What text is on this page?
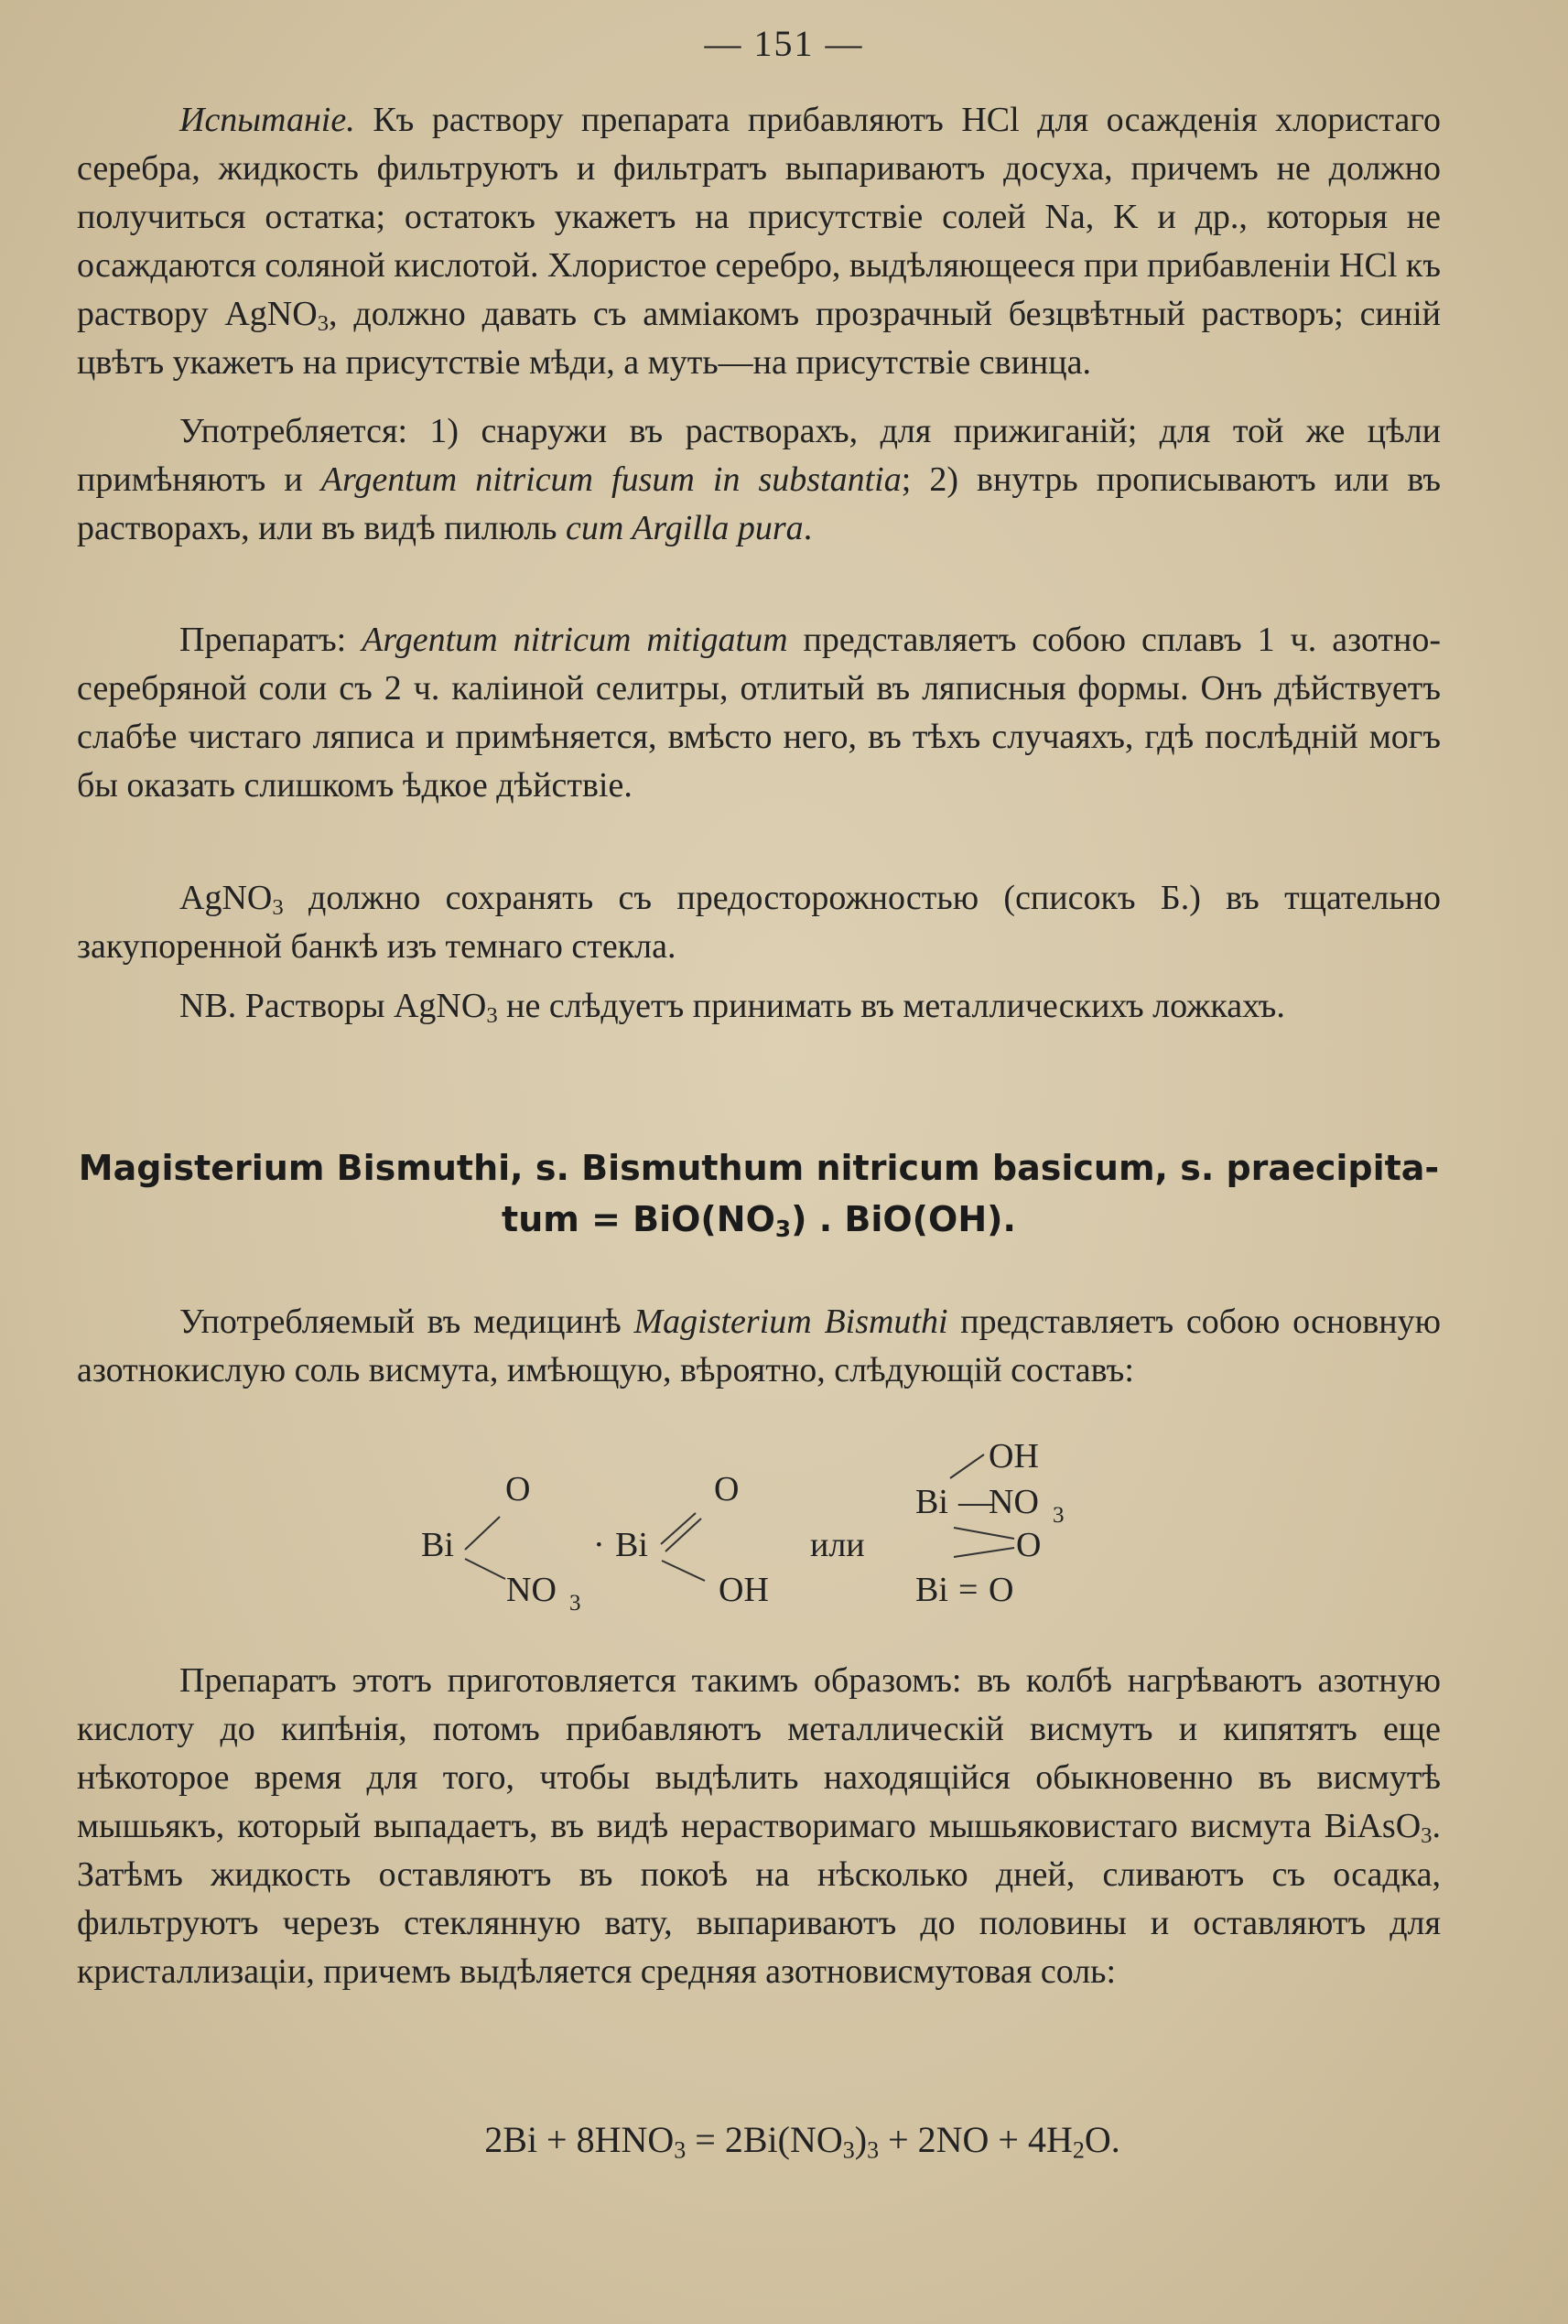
— 151 —
Испытаніе. Къ раствору препарата прибавляютъ HCl для осажденія хлористаго серебра, жидкость фильтруютъ и фильтратъ выпариваютъ досуха, причемъ не должно получиться остатка; остатокъ укажетъ на присутствіе солей Na, K и др., которыя не осаждаются соляной кислотой. Хлористое серебро, выдѣляющееся при прибавленіи HCl къ раствору AgNO$_3$, должно давать съ амміакомъ прозрачный безцвѣтный растворъ; синій цвѣтъ укажетъ на присутствіе мѣди, а муть—на присутствіе свинца.
Употребляется: 1) снаружи въ растворахъ, для прижиганій; для той же цѣли примѣняютъ и Argentum nitricum fusum in substantia; 2) внутрь прописываютъ или въ растворахъ, или въ видѣ пилюль cum Argilla pura.
Препаратъ: Argentum nitricum mitigatum представляетъ собою сплавъ 1 ч. азотно-серебряной соли съ 2 ч. каліиной селитры, отлитый въ ляписныя формы. Онъ дѣйствуетъ слабѣе чистаго ляписа и примѣняется, вмѣсто него, въ тѣхъ случаяхъ, гдѣ послѣдній могъ бы оказать слишкомъ ѣдкое дѣйствіе.
AgNO$_3$ должно сохранять съ предосторожностью (списокъ Б.) въ тщательно закупоренной банкѣ изъ темнаго стекла.
NB. Растворы AgNO$_3$ не слѣдуетъ принимать въ металлическихъ ложкахъ.
Magisterium Bismuthi, s. Bismuthum nitricum basicum, s. praecipita-
tum = $BiO(NO_3)$ . BiO(OH).
Употребляемый въ медицинѣ Magisterium Bismuthi представляетъ собою основную азотнокислую соль висмута, имѣющую, вѣроятно, слѣдующій составъ:
O
Bi
NO 3
· Bi
O
OH
или
OH
Bi —
NO 3
O
Bi = O
Препаратъ этотъ приготовляется такимъ образомъ: въ колбѣ нагрѣваютъ азотную кислоту до кипѣнія, потомъ прибавляютъ металлическій висмутъ и кипятятъ еще нѣкоторое время для того, чтобы выдѣлить находящійся обыкновенно въ висмутѣ мышьякъ, который выпадаетъ, въ видѣ нерастворимаго мышьяковистаго висмута BiAsO$_3$. Затѣмъ жидкость оставляютъ въ покоѣ на нѣсколько дней, сливаютъ съ осадка, фильтруютъ черезъ стеклянную вату, выпариваютъ до половины и оставляютъ для кристаллизаціи, причемъ выдѣляется средняя азотновисмутовая соль:
$2Bi + 8HNO_3 = 2Bi(NO_3)_3 + 2NO + 4H_2O$.
